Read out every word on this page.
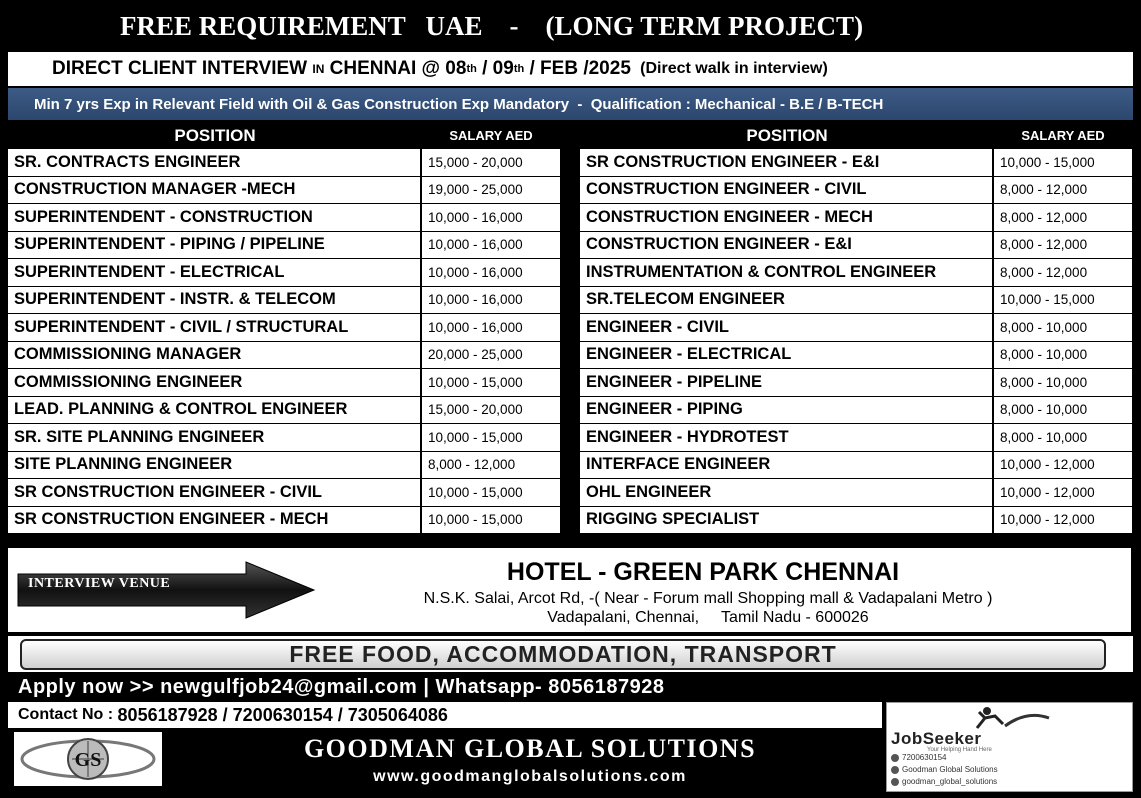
FREE REQUIREMENT   UAE    -    (LONG TERM PROJECT)
DIRECT CLIENT INTERVIEW IN CHENNAI @ 08 th / 09 th / FEB /2025 (Direct walk in interview)
Min 7 yrs Exp in Relevant Field with Oil & Gas Construction Exp Mandatory  -  Qualification : Mechanical - B.E / B-TECH
POSITION	SALARY AED
SR. CONTRACTS ENGINEER	15,000 - 20,000
CONSTRUCTION MANAGER -MECH	19,000 - 25,000
SUPERINTENDENT - CONSTRUCTION	10,000 - 16,000
SUPERINTENDENT - PIPING / PIPELINE	10,000 - 16,000
SUPERINTENDENT - ELECTRICAL	10,000 - 16,000
SUPERINTENDENT - INSTR. & TELECOM	10,000 - 16,000
SUPERINTENDENT - CIVIL / STRUCTURAL	10,000 - 16,000
COMMISSIONING MANAGER	20,000 - 25,000
COMMISSIONING ENGINEER	10,000 - 15,000
LEAD. PLANNING & CONTROL ENGINEER	15,000 - 20,000
SR. SITE PLANNING ENGINEER	10,000 - 15,000
SITE PLANNING ENGINEER	8,000 - 12,000
SR CONSTRUCTION ENGINEER - CIVIL	10,000 - 15,000
SR CONSTRUCTION ENGINEER - MECH	10,000 - 15,000
POSITION	SALARY AED
SR CONSTRUCTION ENGINEER - E&I	10,000 - 15,000
CONSTRUCTION ENGINEER - CIVIL	8,000 - 12,000
CONSTRUCTION ENGINEER - MECH	8,000 - 12,000
CONSTRUCTION ENGINEER - E&I	8,000 - 12,000
INSTRUMENTATION & CONTROL ENGINEER	8,000 - 12,000
SR.TELECOM ENGINEER	10,000 - 15,000
ENGINEER - CIVIL	8,000 - 10,000
ENGINEER - ELECTRICAL	8,000 - 10,000
ENGINEER - PIPELINE	8,000 - 10,000
ENGINEER - PIPING	8,000 - 10,000
ENGINEER - HYDROTEST	8,000 - 10,000
INTERFACE ENGINEER	10,000 - 12,000
OHL ENGINEER	10,000 - 12,000
RIGGING SPECIALIST	10,000 - 12,000
INTERVIEW VENUE	HOTEL - GREEN PARK CHENNAI
N.S.K. Salai, Arcot Rd, -( Near - Forum mall Shopping mall & Vadapalani Metro )
Vadapalani, Chennai,     Tamil Nadu - 600026
FREE FOOD, ACCOMMODATION, TRANSPORT
Apply now >> newgulfjob24@gmail.com | Whatsapp- 8056187928
Contact No : 8056187928 / 7200630154 / 7305064086
GS	GOODMAN GLOBAL SOLUTIONS
www.goodmanglobalsolutions.com
JobSeeker
Your Helping Hand Here
7200630154
Goodman Global Solutions
goodman_global_solutions
